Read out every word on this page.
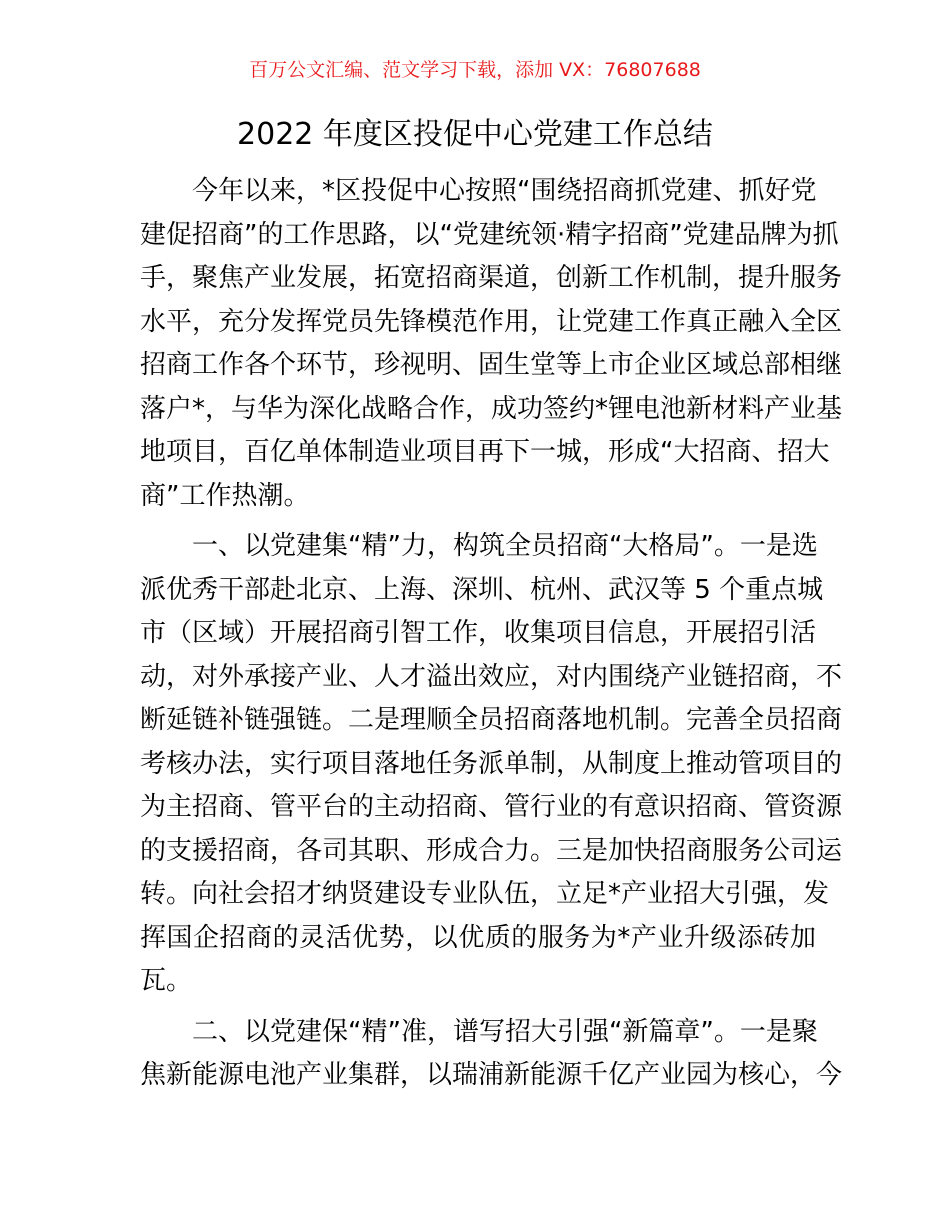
百万公文汇编、范文学习下载，添加 VX：76807688
2022 年度区投促中心党建工作总结
今年以来，*区投促中心按照“围绕招商抓党建、抓好党
建促招商”的工作思路，以“党建统领·精字招商”党建品牌为抓
手，聚焦产业发展，拓宽招商渠道，创新工作机制，提升服务
水平，充分发挥党员先锋模范作用，让党建工作真正融入全区
招商工作各个环节，珍视明、固生堂等上市企业区域总部相继
落户*，与华为深化战略合作，成功签约*锂电池新材料产业基
地项目，百亿单体制造业项目再下一城，形成“大招商、招大
商”工作热潮。
一、以党建集“精”力，构筑全员招商“大格局”。一是选
派优秀干部赴北京、上海、深圳、杭州、武汉等 5 个重点城
市（区域）开展招商引智工作，收集项目信息，开展招引活
动，对外承接产业、人才溢出效应，对内围绕产业链招商，不
断延链补链强链。二是理顺全员招商落地机制。完善全员招商
考核办法，实行项目落地任务派单制，从制度上推动管项目的
为主招商、管平台的主动招商、管行业的有意识招商、管资源
的支援招商，各司其职、形成合力。三是加快招商服务公司运
转。向社会招才纳贤建设专业队伍，立足*产业招大引强，发
挥国企招商的灵活优势，以优质的服务为*产业升级添砖加
瓦。
二、以党建保“精”准，谱写招大引强“新篇章”。一是聚
焦新能源电池产业集群，以瑞浦新能源千亿产业园为核心，今
